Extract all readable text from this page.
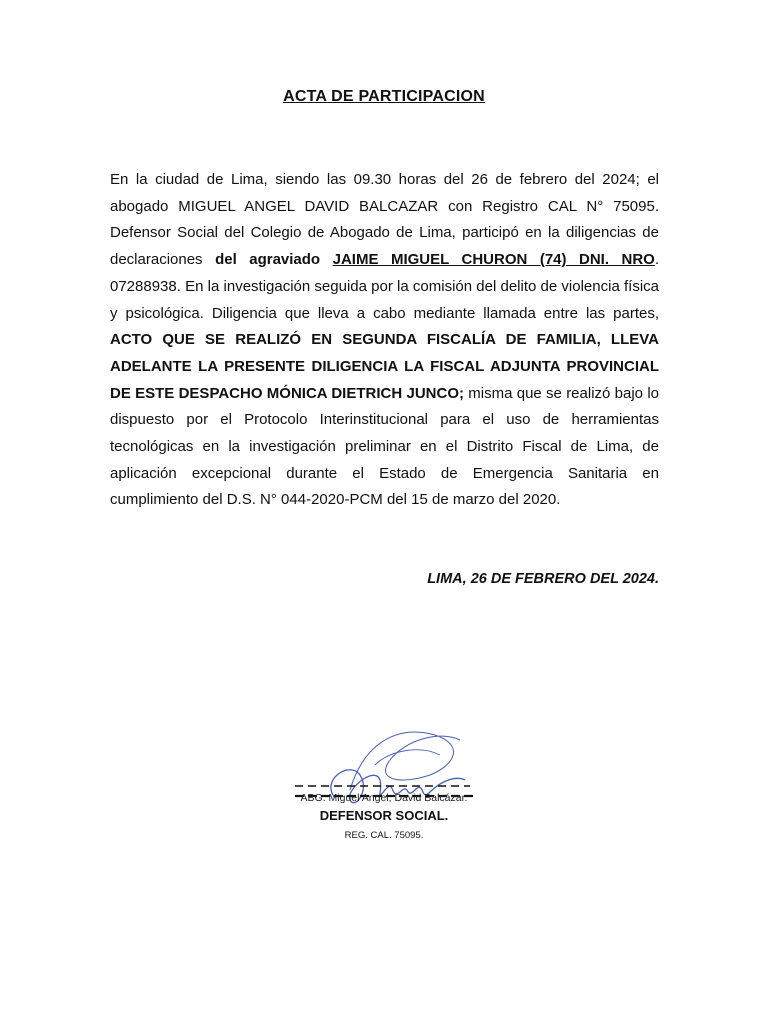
ACTA DE PARTICIPACION
En la ciudad de Lima, siendo las 09.30 horas del 26 de febrero del 2024; el abogado MIGUEL ANGEL DAVID BALCAZAR con Registro CAL N° 75095. Defensor Social del Colegio de Abogado de Lima, participó en la diligencias de declaraciones del agraviado JAIME MIGUEL CHURON (74) DNI. NRO. 07288938. En la investigación seguida por la comisión del delito de violencia física y psicológica. Diligencia que lleva a cabo mediante llamada entre las partes, ACTO QUE SE REALIZÓ EN SEGUNDA FISCALÍA DE FAMILIA, LLEVA ADELANTE LA PRESENTE DILIGENCIA LA FISCAL ADJUNTA PROVINCIAL DE ESTE DESPACHO MÓNICA DIETRICH JUNCO; misma que se realizó bajo lo dispuesto por el Protocolo Interinstitucional para el uso de herramientas tecnológicas en la investigación preliminar en el Distrito Fiscal de Lima, de aplicación excepcional durante el Estado de Emergencia Sanitaria en cumplimiento del D.S. N° 044-2020-PCM del 15 de marzo del 2020.
LIMA, 26 DE FEBRERO DEL 2024.
ABG. Miguel Angel, David Balcázar.
DEFENSOR SOCIAL.
REG. CAL. 75095.
